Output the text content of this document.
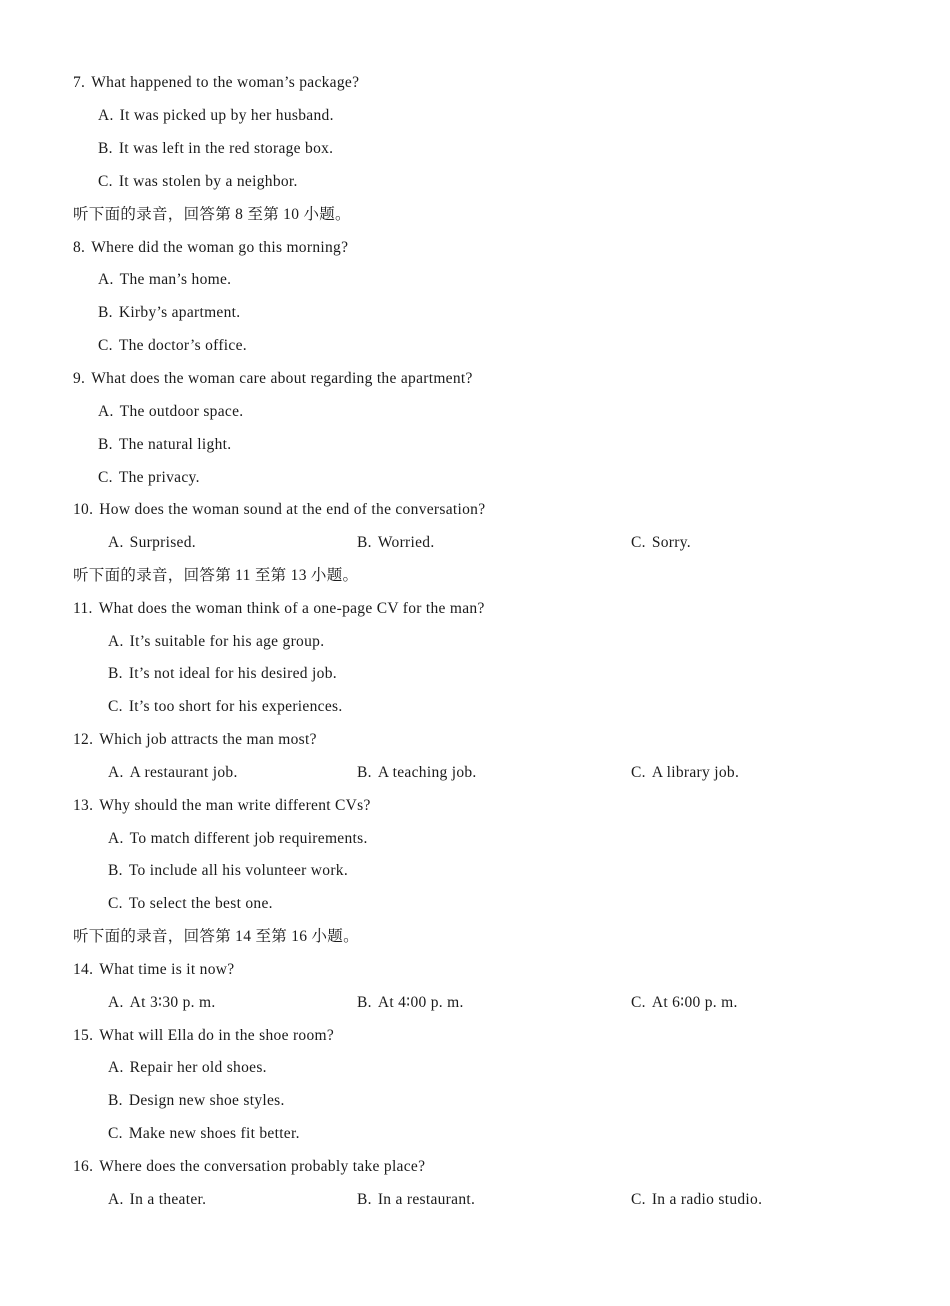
7. What happened to the woman’s package?
A. It was picked up by her husband.
B. It was left in the red storage box.
C. It was stolen by a neighbor.
听下面的录音，回答第 8 至第 10 小题。
8. Where did the woman go this morning?
A. The man’s home.
B. Kirby’s apartment.
C. The doctor’s office.
9. What does the woman care about regarding the apartment?
A. The outdoor space.
B. The natural light.
C. The privacy.
10. How does the woman sound at the end of the conversation?
A. Surprised.	B. Worried.	C. Sorry.
听下面的录音，回答第 11 至第 13 小题。
11. What does the woman think of a one-page CV for the man?
A. It’s suitable for his age group.
B. It’s not ideal for his desired job.
C. It’s too short for his experiences.
12. Which job attracts the man most?
A. A restaurant job.	B. A teaching job.	C. A library job.
13. Why should the man write different CVs?
A. To match different job requirements.
B. To include all his volunteer work.
C. To select the best one.
听下面的录音，回答第 14 至第 16 小题。
14. What time is it now?
A. At 3∶30 p. m.	B. At 4∶00 p. m.	C. At 6∶00 p. m.
15. What will Ella do in the shoe room?
A. Repair her old shoes.
B. Design new shoe styles.
C. Make new shoes fit better.
16. Where does the conversation probably take place?
A. In a theater.	B. In a restaurant.	C. In a radio studio.
